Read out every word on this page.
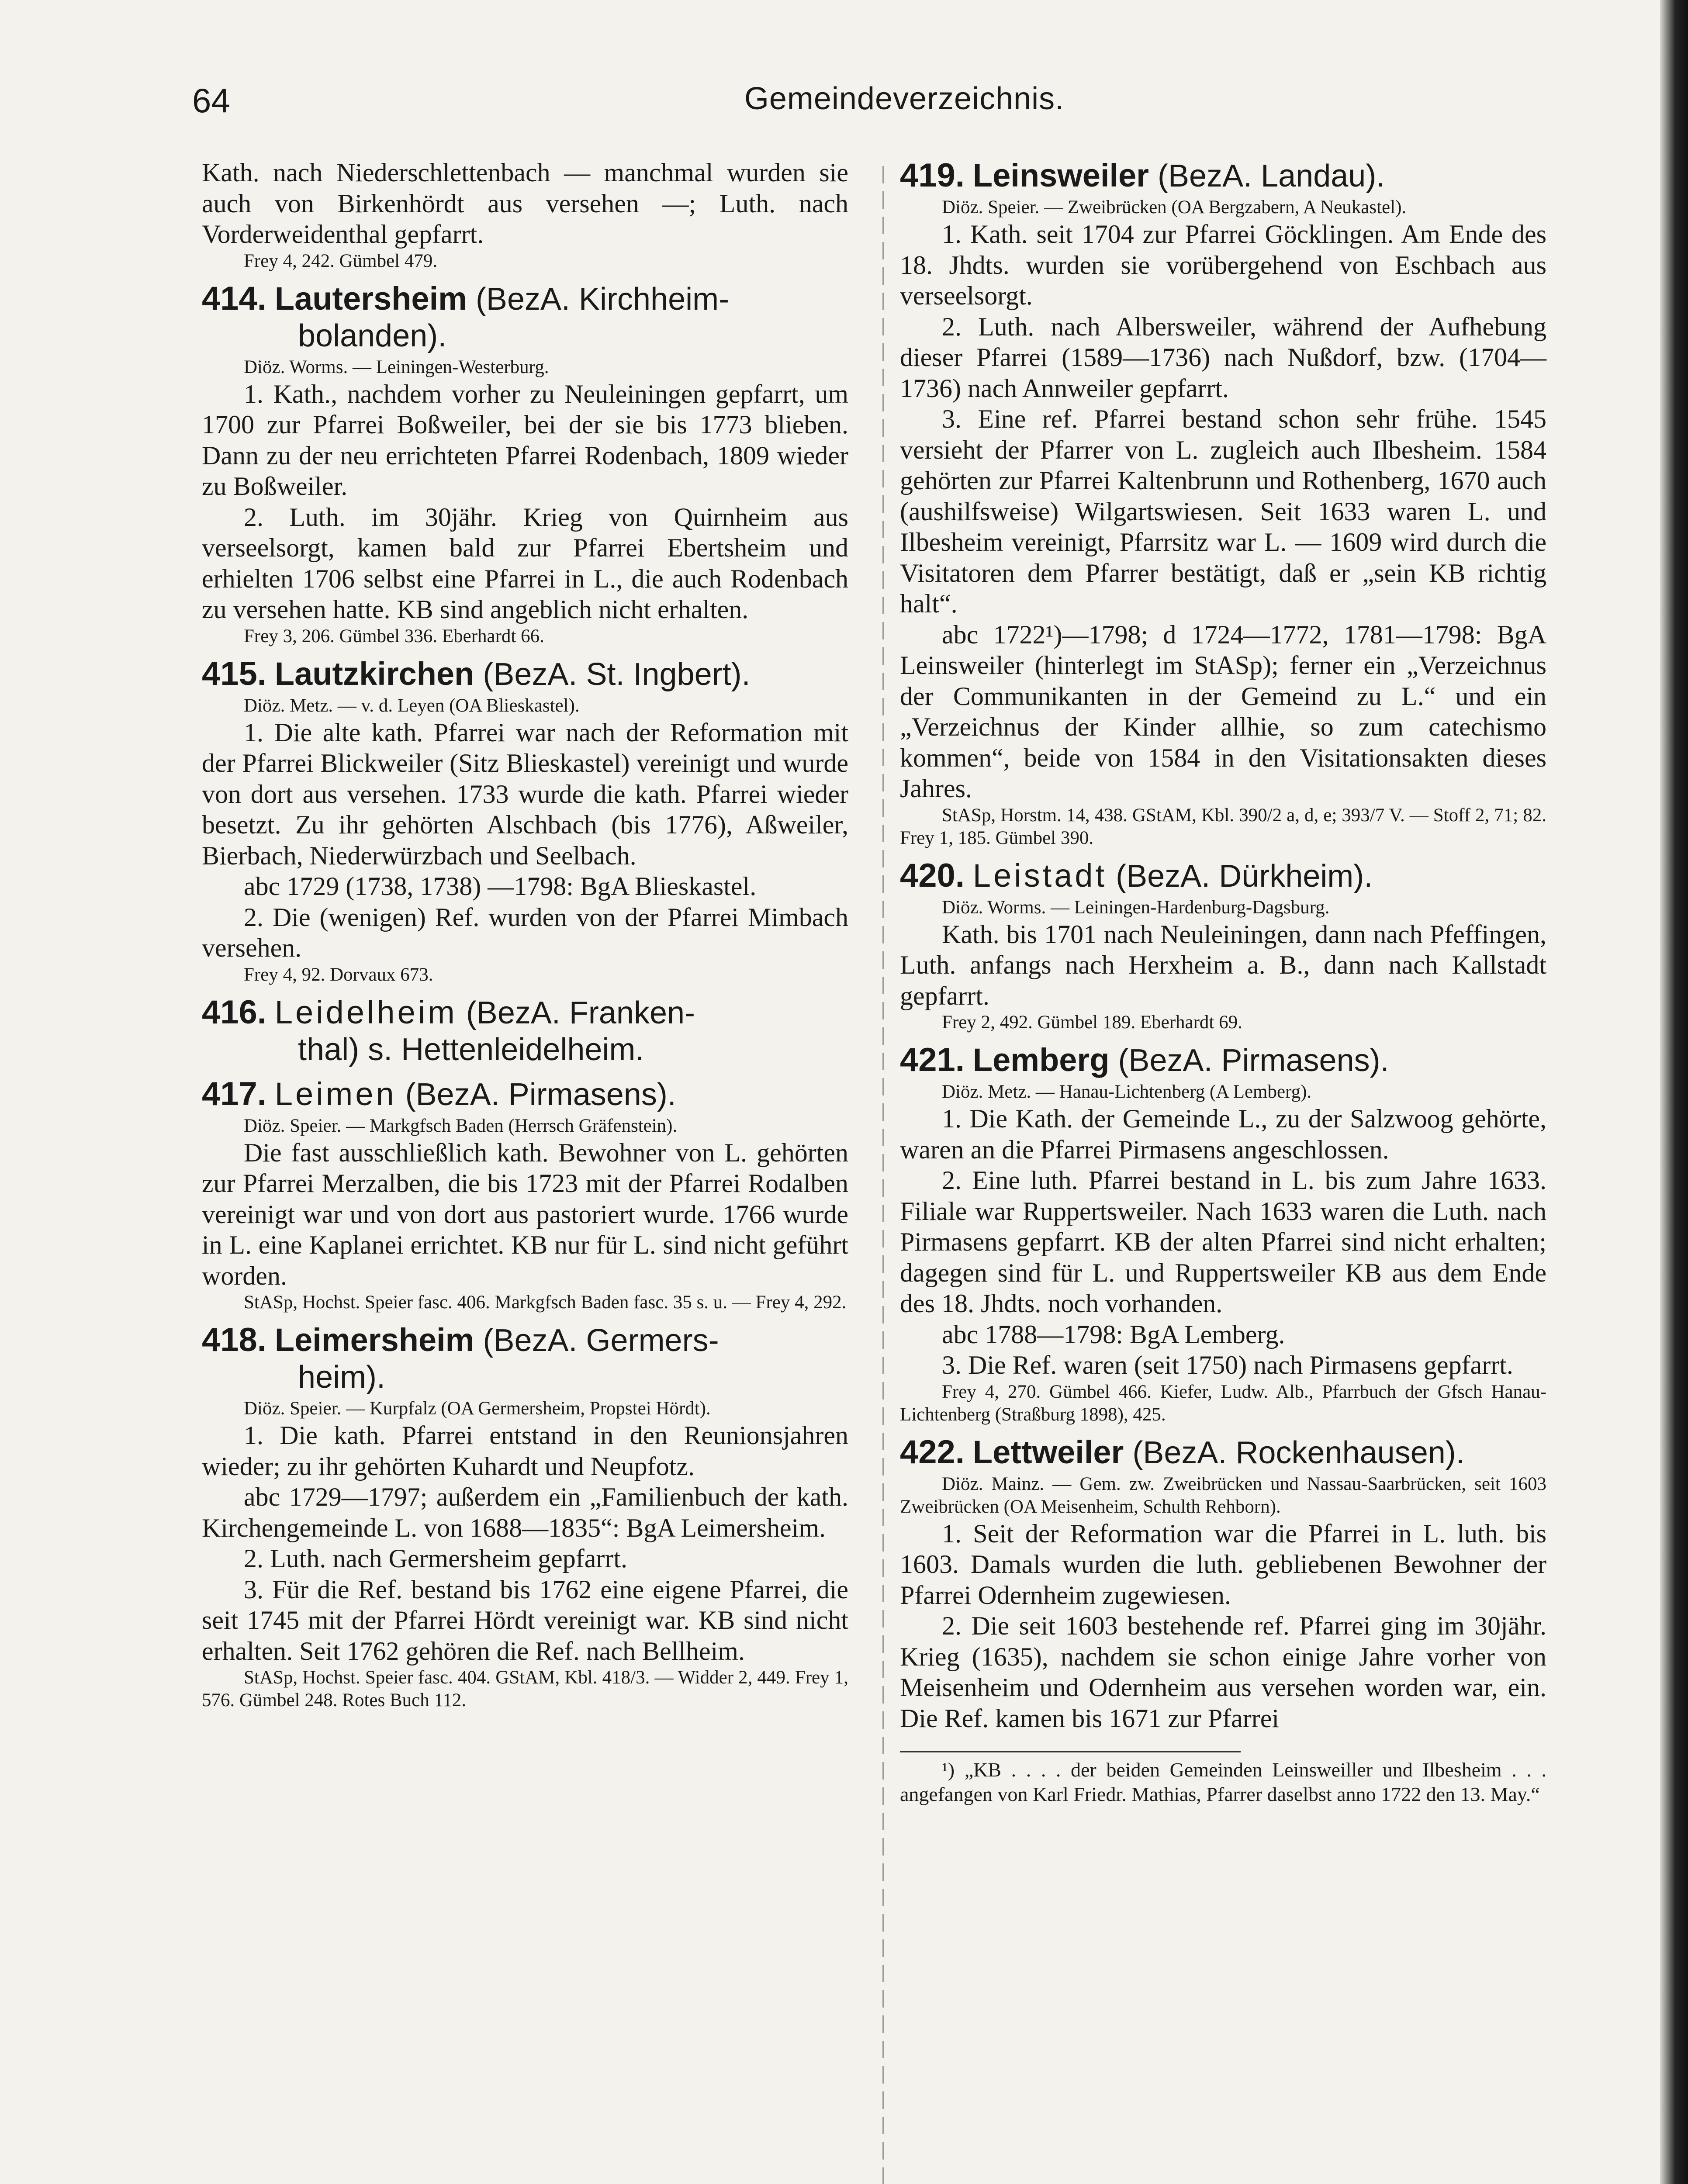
64	Gemeindeverzeichnis.

Kath. nach Niederschlettenbach — manchmal wurden sie auch von Birkenhördt aus versehen —; Luth. nach Vorderweidenthal gepfarrt.

Frey 4, 242. Gümbel 479.

414. Lautersheim (BezA. Kirchheim-
bolanden).

Diöz. Worms. — Leiningen-Westerburg.

1. Kath., nachdem vorher zu Neuleiningen gepfarrt, um 1700 zur Pfarrei Boßweiler, bei der sie bis 1773 blieben. Dann zu der neu errichteten Pfarrei Rodenbach, 1809 wieder zu Boßweiler.

2. Luth. im 30jähr. Krieg von Quirnheim aus verseelsorgt, kamen bald zur Pfarrei Ebertsheim und erhielten 1706 selbst eine Pfarrei in L., die auch Rodenbach zu versehen hatte. KB sind angeblich nicht erhalten.

Frey 3, 206. Gümbel 336. Eberhardt 66.

415. Lautzkirchen (BezA. St. Ingbert).

Diöz. Metz. — v. d. Leyen (OA Blieskastel).

1. Die alte kath. Pfarrei war nach der Reformation mit der Pfarrei Blickweiler (Sitz Blieskastel) vereinigt und wurde von dort aus versehen. 1733 wurde die kath. Pfarrei wieder besetzt. Zu ihr gehörten Alschbach (bis 1776), Aßweiler, Bierbach, Niederwürzbach und Seelbach.

abc 1729 (1738, 1738) —1798: BgA Blieskastel.

2. Die (wenigen) Ref. wurden von der Pfarrei Mimbach versehen.

Frey 4, 92. Dorvaux 673.

416. Leidelheim (BezA. Franken-
thal) s. Hettenleidelheim.
417. Leimen (BezA. Pirmasens).

Diöz. Speier. — Markgfsch Baden (Herrsch Gräfenstein).

Die fast ausschließlich kath. Bewohner von L. gehörten zur Pfarrei Merzalben, die bis 1723 mit der Pfarrei Rodalben vereinigt war und von dort aus pastoriert wurde. 1766 wurde in L. eine Kaplanei errichtet. KB nur für L. sind nicht geführt worden.

StASp, Hochst. Speier fasc. 406. Markgfsch Baden fasc. 35 s. u. — Frey 4, 292.

418. Leimersheim (BezA. Germers-
heim).

Diöz. Speier. — Kurpfalz (OA Germersheim, Propstei Hördt).

1. Die kath. Pfarrei entstand in den Reunionsjahren wieder; zu ihr gehörten Kuhardt und Neupfotz.

abc 1729—1797; außerdem ein „Familienbuch der kath. Kirchengemeinde L. von 1688—1835“: BgA Leimersheim.

2. Luth. nach Germersheim gepfarrt.

3. Für die Ref. bestand bis 1762 eine eigene Pfarrei, die seit 1745 mit der Pfarrei Hördt vereinigt war. KB sind nicht erhalten. Seit 1762 gehören die Ref. nach Bellheim.

StASp, Hochst. Speier fasc. 404. GStAM, Kbl. 418/3. — Widder 2, 449. Frey 1, 576. Gümbel 248. Rotes Buch 112.

419. Leinsweiler (BezA. Landau).

Diöz. Speier. — Zweibrücken (OA Bergzabern, A Neukastel).

1. Kath. seit 1704 zur Pfarrei Göcklingen. Am Ende des 18. Jhdts. wurden sie vorübergehend von Eschbach aus verseelsorgt.

2. Luth. nach Albersweiler, während der Aufhebung dieser Pfarrei (1589—1736) nach Nußdorf, bzw. (1704—1736) nach Annweiler gepfarrt.

3. Eine ref. Pfarrei bestand schon sehr frühe. 1545 versieht der Pfarrer von L. zugleich auch Ilbesheim. 1584 gehörten zur Pfarrei Kaltenbrunn und Rothenberg, 1670 auch (aushilfsweise) Wilgartswiesen. Seit 1633 waren L. und Ilbesheim vereinigt, Pfarrsitz war L. — 1609 wird durch die Visitatoren dem Pfarrer bestätigt, daß er „sein KB richtig halt“.

abc 1722¹)—1798; d 1724—1772, 1781—1798: BgA Leinsweiler (hinterlegt im StASp); ferner ein „Verzeichnus der Communikanten in der Gemeind zu L.“ und ein „Verzeichnus der Kinder allhie, so zum catechismo kommen“, beide von 1584 in den Visitationsakten dieses Jahres.

StASp, Horstm. 14, 438. GStAM, Kbl. 390/2 a, d, e; 393/7 V. — Stoff 2, 71; 82. Frey 1, 185. Gümbel 390.

420. Leistadt (BezA. Dürkheim).

Diöz. Worms. — Leiningen-Hardenburg-Dagsburg.

Kath. bis 1701 nach Neuleiningen, dann nach Pfeffingen, Luth. anfangs nach Herxheim a. B., dann nach Kallstadt gepfarrt.

Frey 2, 492. Gümbel 189. Eberhardt 69.

421. Lemberg (BezA. Pirmasens).

Diöz. Metz. — Hanau-Lichtenberg (A Lemberg).

1. Die Kath. der Gemeinde L., zu der Salzwoog gehörte, waren an die Pfarrei Pirmasens angeschlossen.

2. Eine luth. Pfarrei bestand in L. bis zum Jahre 1633. Filiale war Ruppertsweiler. Nach 1633 waren die Luth. nach Pirmasens gepfarrt. KB der alten Pfarrei sind nicht erhalten; dagegen sind für L. und Ruppertsweiler KB aus dem Ende des 18. Jhdts. noch vorhanden.

abc 1788—1798: BgA Lemberg.

3. Die Ref. waren (seit 1750) nach Pirmasens gepfarrt.

Frey 4, 270. Gümbel 466. Kiefer, Ludw. Alb., Pfarrbuch der Gfsch Hanau-Lichtenberg (Straßburg 1898), 425.

422. Lettweiler (BezA. Rockenhausen).

Diöz. Mainz. — Gem. zw. Zweibrücken und Nassau-Saarbrücken, seit 1603 Zweibrücken (OA Meisenheim, Schulth Rehborn).

1. Seit der Reformation war die Pfarrei in L. luth. bis 1603. Damals wurden die luth. gebliebenen Bewohner der Pfarrei Odernheim zugewiesen.

2. Die seit 1603 bestehende ref. Pfarrei ging im 30jähr. Krieg (1635), nachdem sie schon einige Jahre vorher von Meisenheim und Odernheim aus versehen worden war, ein. Die Ref. kamen bis 1671 zur Pfarrei

¹) „KB . . . . der beiden Gemeinden Leinsweiller und Ilbesheim . . . angefangen von Karl Friedr. Mathias, Pfarrer daselbst anno 1722 den 13. May.“
